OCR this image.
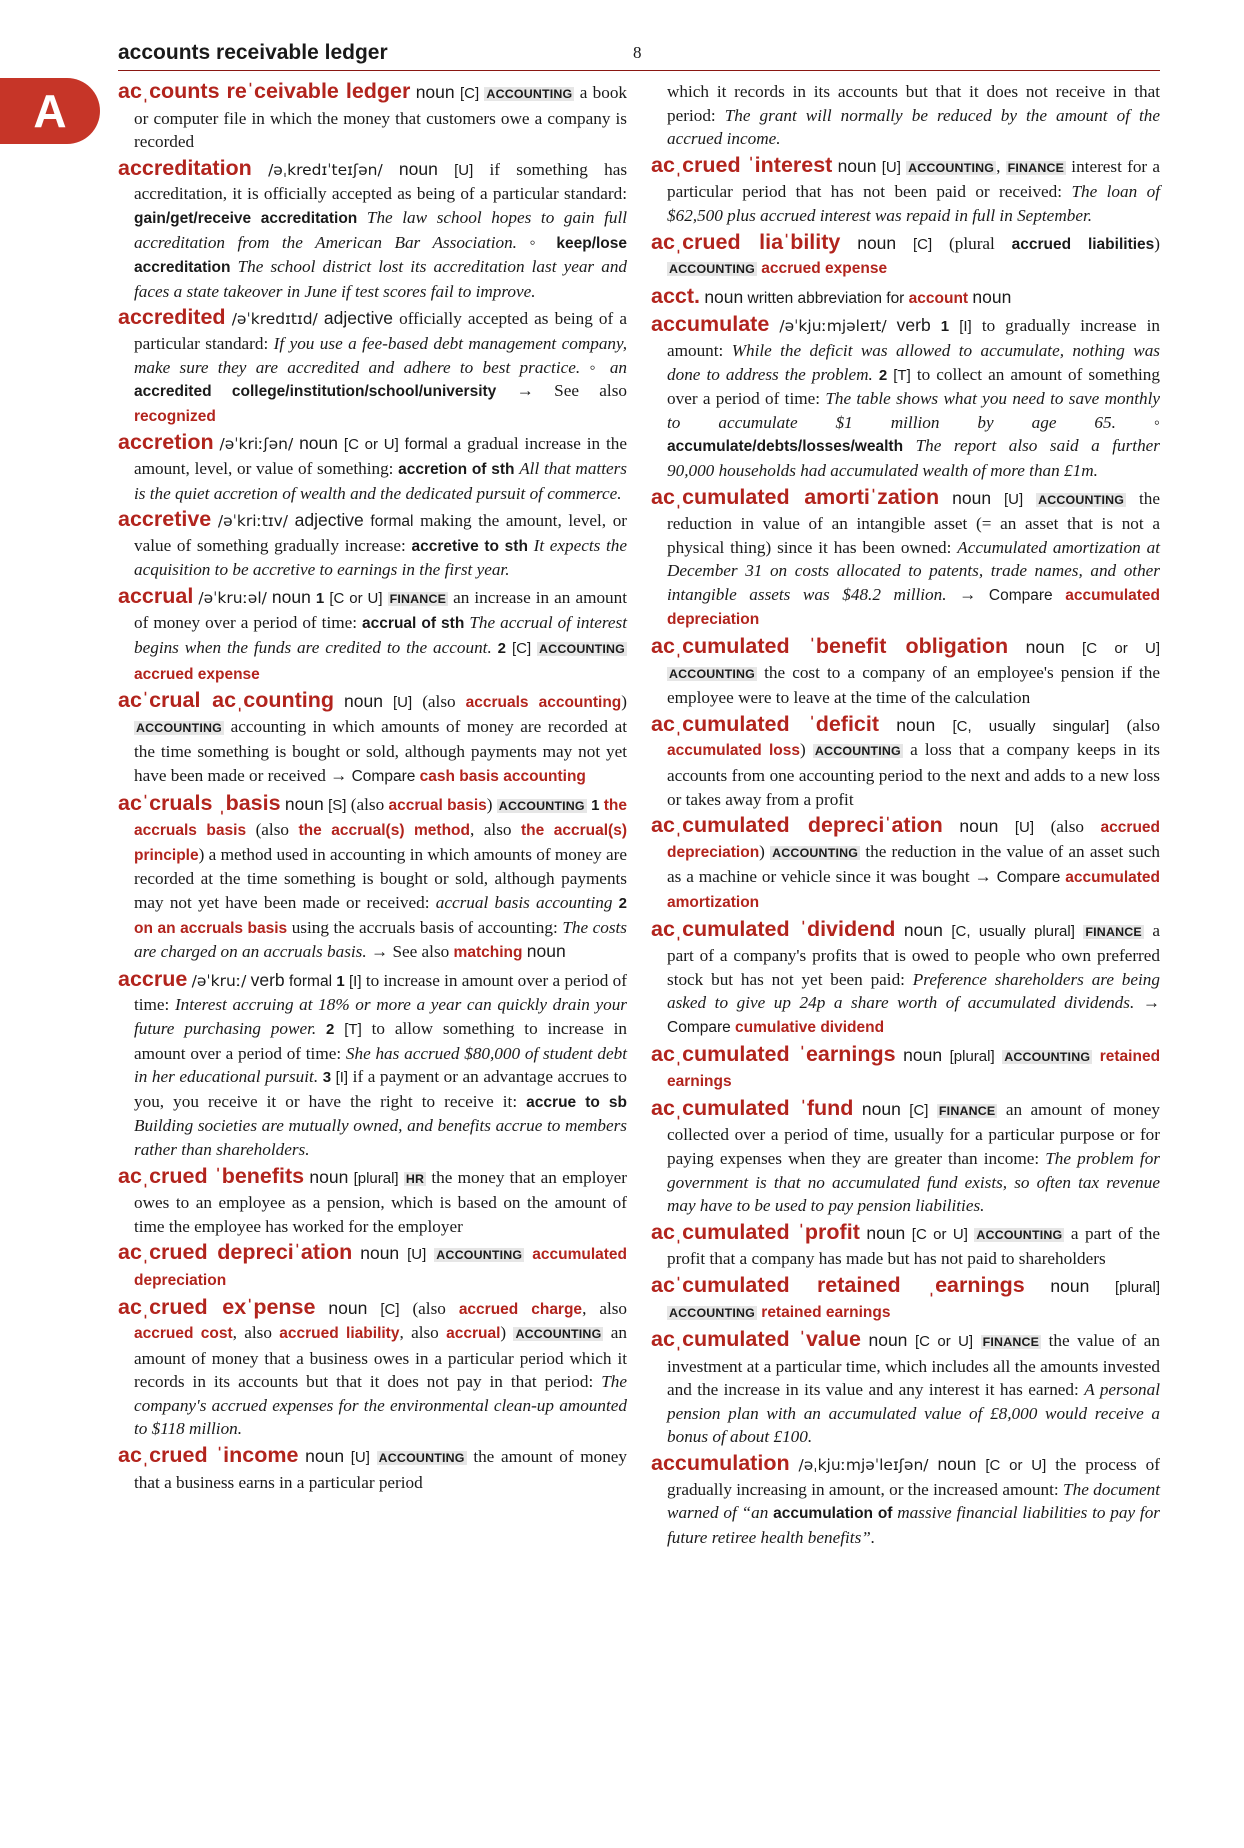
accounts receivable ledger	8
A	acˌcounts reˈceivable ledger noun [C] ACCOUNTING a book or computer file in which the money that customers owe a company is recorded
accreditation /əˌkredɪˈteɪʃən/ noun [U] if something has accreditation, it is officially accepted as being of a particular standard: gain/get/receive accreditation The law school hopes to gain full accreditation from the American Bar Association. ◦ keep/lose accreditation The school district lost its accreditation last year and faces a state takeover in June if test scores fail to improve.
accredited /əˈkredɪtɪd/ adjective officially accepted as being of a particular standard: If you use a fee-based debt management company, make sure they are accredited and adhere to best practice. ◦ an accredited college/institution/school/university → See also recognized
accretion /əˈkriːʃən/ noun [C or U] formal a gradual increase in the amount, level, or value of something: accretion of sth All that matters is the quiet accretion of wealth and the dedicated pursuit of commerce.
accretive /əˈkriːtɪv/ adjective formal making the amount, level, or value of something gradually increase: accretive to sth It expects the acquisition to be accretive to earnings in the first year.
accrual /əˈkruːəl/ noun 1 [C or U] FINANCE an increase in an amount of money over a period of time: accrual of sth The accrual of interest begins when the funds are credited to the account. 2 [C] ACCOUNTING accrued expense
acˈcrual acˌcounting noun [U] (also accruals accounting) ACCOUNTING accounting in which amounts of money are recorded at the time something is bought or sold, although payments may not yet have been made or received → Compare cash basis accounting
acˈcruals ˌbasis noun [S] (also accrual basis) ACCOUNTING 1 the accruals basis (also the accrual(s) method, also the accrual(s) principle) a method used in accounting in which amounts of money are recorded at the time something is bought or sold, although payments may not yet have been made or received: accrual basis accounting 2 on an accruals basis using the accruals basis of accounting: The costs are charged on an accruals basis. → See also matching noun
accrue /əˈkruː/ verb formal 1 [I] to increase in amount over a period of time: Interest accruing at 18% or more a year can quickly drain your future purchasing power. 2 [T] to allow something to increase in amount over a period of time: She has accrued $80,000 of student debt in her educational pursuit. 3 [I] if a payment or an advantage accrues to you, you receive it or have the right to receive it: accrue to sb Building societies are mutually owned, and benefits accrue to members rather than shareholders.
acˌcrued ˈbenefits noun [plural] HR the money that an employer owes to an employee as a pension, which is based on the amount of time the employee has worked for the employer
acˌcrued depreciˈation noun [U] ACCOUNTING accumulated depreciation
acˌcrued exˈpense noun [C] (also accrued charge, also accrued cost, also accrued liability, also accrual) ACCOUNTING an amount of money that a business owes in a particular period which it records in its accounts but that it does not pay in that period: The company's accrued expenses for the environmental clean-up amounted to $118 million.
acˌcrued ˈincome noun [U] ACCOUNTING the amount of money that a business earns in a particular period
which it records in its accounts but that it does not receive in that period: The grant will normally be reduced by the amount of the accrued income.
acˌcrued ˈinterest noun [U] ACCOUNTING , FINANCE interest for a particular period that has not been paid or received: The loan of $62,500 plus accrued interest was repaid in full in September.
acˌcrued liaˈbility noun [C] (plural accrued liabilities) ACCOUNTING accrued expense
acct. noun written abbreviation for account noun
accumulate /əˈkjuːmjəleɪt/ verb 1 [I] to gradually increase in amount: While the deficit was allowed to accumulate, nothing was done to address the problem. 2 [T] to collect an amount of something over a period of time: The table shows what you need to save monthly to accumulate $1 million by age 65. ◦ accumulate/debts/losses/wealth The report also said a further 90,000 households had accumulated wealth of more than £1m.
acˌcumulated amortiˈzation noun [U] ACCOUNTING the reduction in value of an intangible asset (= an asset that is not a physical thing) since it has been owned: Accumulated amortization at December 31 on costs allocated to patents, trade names, and other intangible assets was $48.2 million. → Compare accumulated depreciation
acˌcumulated ˈbenefit obligation noun [C or U] ACCOUNTING the cost to a company of an employee's pension if the employee were to leave at the time of the calculation
acˌcumulated ˈdeficit noun [C, usually singular] (also accumulated loss) ACCOUNTING a loss that a company keeps in its accounts from one accounting period to the next and adds to a new loss or takes away from a profit
acˌcumulated depreciˈation noun [U] (also accrued depreciation) ACCOUNTING the reduction in the value of an asset such as a machine or vehicle since it was bought → Compare accumulated amortization
acˌcumulated ˈdividend noun [C, usually plural] FINANCE a part of a company's profits that is owed to people who own preferred stock but has not yet been paid: Preference shareholders are being asked to give up 24p a share worth of accumulated dividends. → Compare cumulative dividend
acˌcumulated ˈearnings noun [plural] ACCOUNTING retained earnings
acˌcumulated ˈfund noun [C] FINANCE an amount of money collected over a period of time, usually for a particular purpose or for paying expenses when they are greater than income: The problem for government is that no accumulated fund exists, so often tax revenue may have to be used to pay pension liabilities.
acˌcumulated ˈprofit noun [C or U] ACCOUNTING a part of the profit that a company has made but has not paid to shareholders
acˈcumulated retained ˌearnings noun [plural] ACCOUNTING retained earnings
acˌcumulated ˈvalue noun [C or U] FINANCE the value of an investment at a particular time, which includes all the amounts invested and the increase in its value and any interest it has earned: A personal pension plan with an accumulated value of £8,000 would receive a bonus of about £100.
accumulation /əˌkjuːmjəˈleɪʃən/ noun [C or U] the process of gradually increasing in amount, or the increased amount: The document warned of “an accumulation of massive financial liabilities to pay for future retiree health benefits”.
